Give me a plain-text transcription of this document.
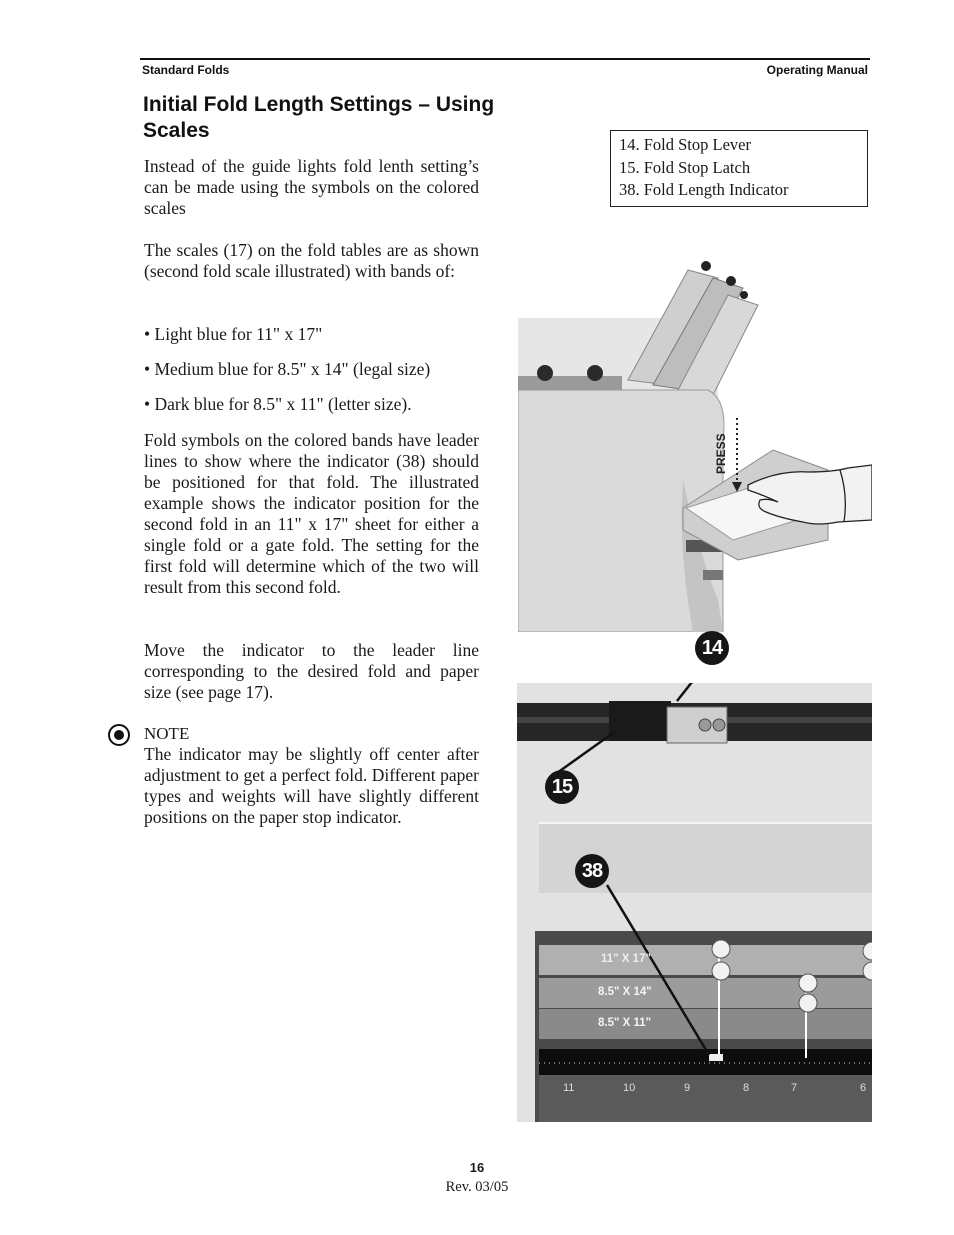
Standard Folds	Operating Manual
Initial Fold Length Settings – Using Scales
Instead of the guide lights fold lenth setting’s can be made using the symbols on the colored scales
The scales (17) on the fold tables are as shown (second fold scale illustrated) with bands of:
• Light blue for 11" x 17"
• Medium blue for 8.5" x 14" (legal size)
• Dark blue for 8.5" x 11" (letter size).
Fold symbols on the colored bands have leader lines to show where the indicator (38) should be positioned for that fold. The illustrated example shows the indicator position for the second fold in an 11" x 17" sheet for either a single fold or a gate fold. The setting for the first fold will determine which of the two will result from this second fold.
Move the indicator to the leader line corresponding to the desired fold and paper size (see page 17).
NOTE
The indicator may be slightly off center after adjustment to get a perfect fold. Different paper types and weights will have slightly different positions on the paper stop indicator.
14. Fold Stop Lever
15. Fold Stop Latch
38. Fold Length Indicator
PRESS
11" X 17"
8.5" X 14"
8.5" X 11"
11	10	9	8	7	6
14
15
38
16
Rev. 03/05
